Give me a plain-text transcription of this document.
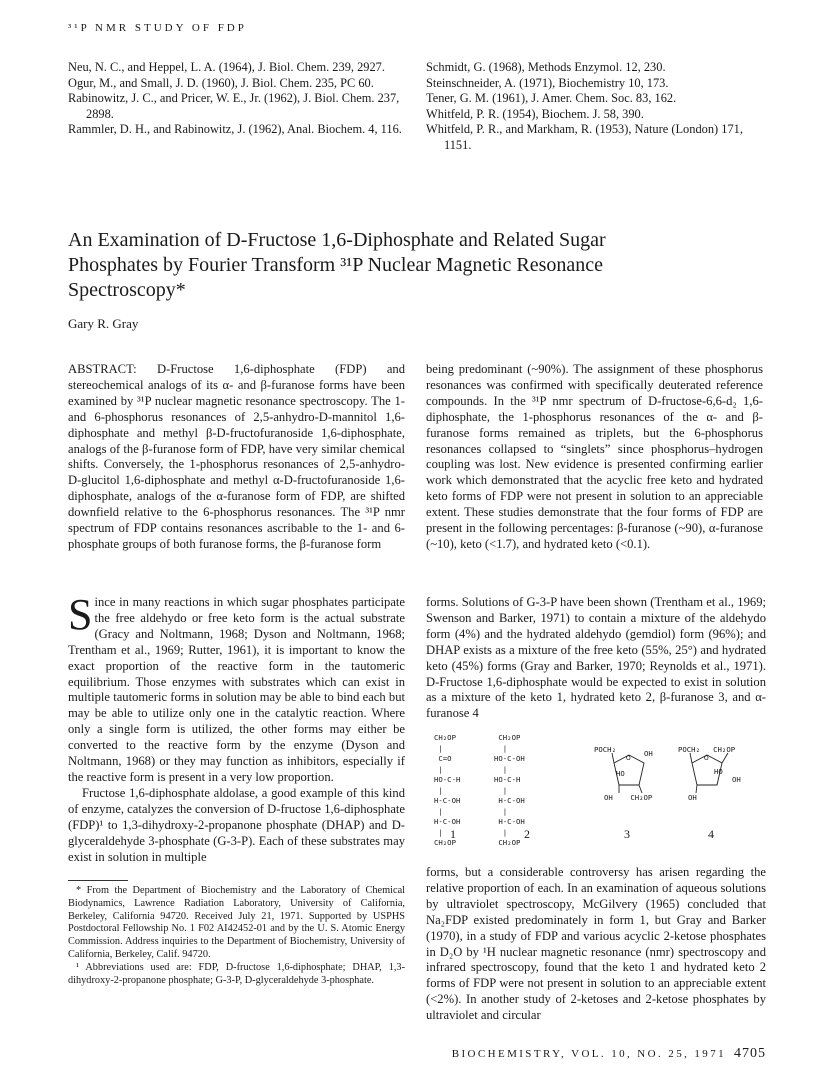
³¹P NMR STUDY OF FDP
Neu, N. C., and Heppel, L. A. (1964), J. Biol. Chem. 239, 2927.
Ogur, M., and Small, J. D. (1960), J. Biol. Chem. 235, PC 60.
Rabinowitz, J. C., and Pricer, W. E., Jr. (1962), J. Biol. Chem. 237, 2898.
Rammler, D. H., and Rabinowitz, J. (1962), Anal. Biochem. 4, 116.
Schmidt, G. (1968), Methods Enzymol. 12, 230.
Steinschneider, A. (1971), Biochemistry 10, 173.
Tener, G. M. (1961), J. Amer. Chem. Soc. 83, 162.
Whitfeld, P. R. (1954), Biochem. J. 58, 390.
Whitfeld, P. R., and Markham, R. (1953), Nature (London) 171, 1151.
An Examination of D-Fructose 1,6-Diphosphate and Related Sugar Phosphates by Fourier Transform ³¹P Nuclear Magnetic Resonance Spectroscopy*
Gary R. Gray
ABSTRACT: D-Fructose 1,6-diphosphate (FDP) and stereochemical analogs of its α- and β-furanose forms have been examined by ³¹P nuclear magnetic resonance spectroscopy. The 1- and 6-phosphorus resonances of 2,5-anhydro-D-mannitol 1,6-diphosphate and methyl β-D-fructofuranoside 1,6-diphosphate, analogs of the β-furanose form of FDP, have very similar chemical shifts. Conversely, the 1-phosphorus resonances of 2,5-anhydro-D-glucitol 1,6-diphosphate and methyl α-D-fructofuranoside 1,6-diphosphate, analogs of the α-furanose form of FDP, are shifted downfield relative to the 6-phosphorus resonances. The ³¹P nmr spectrum of FDP contains resonances ascribable to the 1- and 6-phosphate groups of both furanose forms, the β-furanose form
being predominant (~90%). The assignment of these phosphorus resonances was confirmed with specifically deuterated reference compounds. In the ³¹P nmr spectrum of D-fructose-6,6-d₂ 1,6-diphosphate, the 1-phosphorus resonances of the α- and β-furanose forms remained as triplets, but the 6-phosphorus resonances collapsed to “singlets” since phosphorus–hydrogen coupling was lost. New evidence is presented confirming earlier work which demonstrated that the acyclic free keto and hydrated keto forms of FDP were not present in solution to an appreciable extent. These studies demonstrate that the four forms of FDP are present in the following percentages: β-furanose (~90), α-furanose (~10), keto (<1.7), and hydrated keto (<0.1).

Since in many reactions in which sugar phosphates participate the free aldehydo or free keto form is the actual substrate (Gracy and Noltmann, 1968; Dyson and Noltmann, 1968; Trentham et al., 1969; Rutter, 1961), it is important to know the exact proportion of the reactive form in the tautomeric equilibrium. Those enzymes with substrates which can exist in multiple tautomeric forms in solution may be able to bind each but may be able to utilize only one in the catalytic reaction. Where only a single form is utilized, the other forms may either be converted to the reactive form by the enzyme (Dyson and Noltmann, 1968) or they may function as inhibitors, especially if the reactive form is present in a very low proportion.

Fructose 1,6-diphosphate aldolase, a good example of this kind of enzyme, catalyzes the conversion of D-fructose 1,6-diphosphate (FDP)¹ to 1,3-dihydroxy-2-propanone phosphate (DHAP) and D-glyceraldehyde 3-phosphate (G-3-P). Each of these substrates may exist in solution in multiple

* From the Department of Biochemistry and the Laboratory of Chemical Biodynamics, Lawrence Radiation Laboratory, University of California, Berkeley, California 94720. Received July 21, 1971. Supported by USPHS Postdoctoral Fellowship No. 1 F02 AI42452-01 and by the U. S. Atomic Energy Commission. Address inquiries to the Department of Biochemistry, University of California, Berkeley, Calif. 94720.
¹ Abbreviations used are: FDP, D-fructose 1,6-diphosphate; DHAP, 1,3-dihydroxy-2-propanone phosphate; G-3-P, D-glyceraldehyde 3-phosphate.
forms. Solutions of G-3-P have been shown (Trentham et al., 1969; Swenson and Barker, 1971) to contain a mixture of the aldehydo form (4%) and the hydrated aldehydo (gemdiol) form (96%); and DHAP exists as a mixture of the free keto (55%, 25°) and hydrated keto (45%) forms (Gray and Barker, 1970; Reynolds et al., 1971). D-Fructose 1,6-diphosphate would be expected to exist in solution as a mixture of the keto 1, hydrated keto 2, β-furanose 3, and α-furanose 4
CH₂OP
|
C=O
|
HO-C-H
|
H-C-OH
|
H-C-OH
|
CH₂OP
CH₂OP
|
HO-C-OH
|
HO-C-H
|
H-C-OH
|
H-C-OH
|
CH₂OP
POCH₂	OH
HO
OH    CH₂OP
O
POCH₂   CH₂OP
HO
OH
OH
O
1	2	3	4
forms, but a considerable controversy has arisen regarding the relative proportion of each. In an examination of aqueous solutions by ultraviolet spectroscopy, McGilvery (1965) concluded that Na₂FDP existed predominately in form 1, but Gray and Barker (1970), in a study of FDP and various acyclic 2-ketose phosphates in D₂O by ¹H nuclear magnetic resonance (nmr) spectroscopy and infrared spectroscopy, found that the keto 1 and hydrated keto 2 forms of FDP were not present in solution to an appreciable extent (<2%). In another study of 2-ketoses and 2-ketose phosphates by ultraviolet and circular
BIOCHEMISTRY, VOL. 10, NO. 25, 1971 4705
